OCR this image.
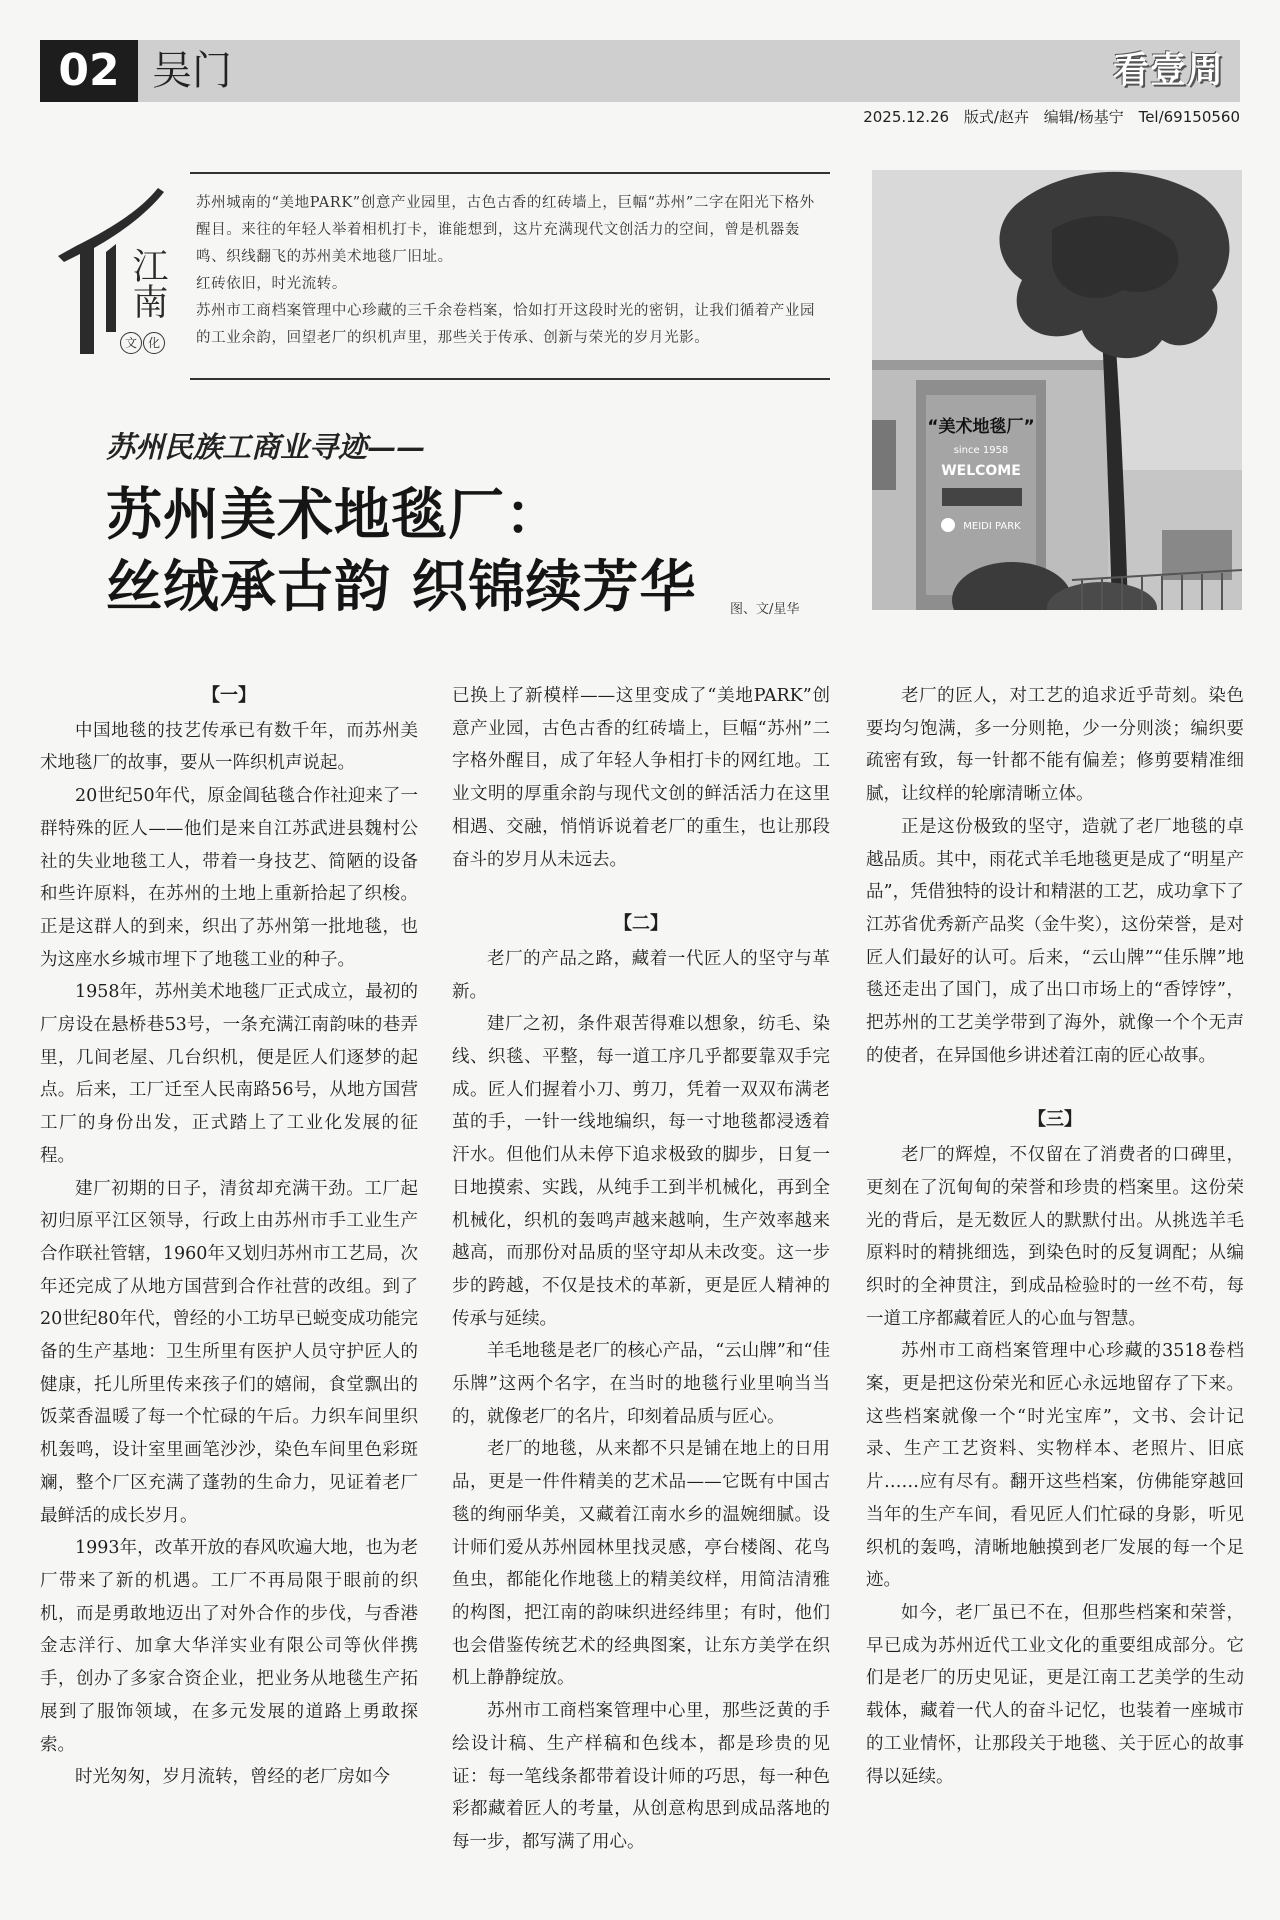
02 吴门	看壹周
2025.12.26 版式/赵卉 编辑/杨基宁 Tel/69150560
江南
文 化

苏州城南的“美地PARK”创意产业园里，古色古香的红砖墙上，巨幅“苏州”二字在阳光下格外醒目。来往的年轻人举着相机打卡，谁能想到，这片充满现代文创活力的空间，曾是机器轰鸣、织线翻飞的苏州美术地毯厂旧址。

红砖依旧，时光流转。

苏州市工商档案管理中心珍藏的三千余卷档案，恰如打开这段时光的密钥，让我们循着产业园的工业余韵，回望老厂的织机声里，那些关于传承、创新与荣光的岁月光影。

苏州民族工商业寻迹——
苏州美术地毯厂：
丝绒承古韵 织锦续芳华	图、文/星华
“美术地毯厂”
since 1958
WELCOME
MEIDI PARK

【一】

中国地毯的技艺传承已有数千年，而苏州美术地毯厂的故事，要从一阵织机声说起。

20世纪50年代，原金阊毡毯合作社迎来了一群特殊的匠人——他们是来自江苏武进县魏村公社的失业地毯工人，带着一身技艺、简陋的设备和些许原料，在苏州的土地上重新拾起了织梭。正是这群人的到来，织出了苏州第一批地毯，也为这座水乡城市埋下了地毯工业的种子。

1958年，苏州美术地毯厂正式成立，最初的厂房设在悬桥巷53号，一条充满江南韵味的巷弄里，几间老屋、几台织机，便是匠人们逐梦的起点。后来，工厂迁至人民南路56号，从地方国营工厂的身份出发，正式踏上了工业化发展的征程。

建厂初期的日子，清贫却充满干劲。工厂起初归原平江区领导，行政上由苏州市手工业生产合作联社管辖，1960年又划归苏州市工艺局，次年还完成了从地方国营到合作社营的改组。到了20世纪80年代，曾经的小工坊早已蜕变成功能完备的生产基地：卫生所里有医护人员守护匠人的健康，托儿所里传来孩子们的嬉闹，食堂飘出的饭菜香温暖了每一个忙碌的午后。力织车间里织机轰鸣，设计室里画笔沙沙，染色车间里色彩斑斓，整个厂区充满了蓬勃的生命力，见证着老厂最鲜活的成长岁月。

1993年，改革开放的春风吹遍大地，也为老厂带来了新的机遇。工厂不再局限于眼前的织机，而是勇敢地迈出了对外合作的步伐，与香港金志洋行、加拿大华洋实业有限公司等伙伴携手，创办了多家合资企业，把业务从地毯生产拓展到了服饰领域，在多元发展的道路上勇敢探索。

时光匆匆，岁月流转，曾经的老厂房如今

已换上了新模样——这里变成了“美地PARK”创意产业园，古色古香的红砖墙上，巨幅“苏州”二字格外醒目，成了年轻人争相打卡的网红地。工业文明的厚重余韵与现代文创的鲜活活力在这里相遇、交融，悄悄诉说着老厂的重生，也让那段奋斗的岁月从未远去。

【二】

老厂的产品之路，藏着一代匠人的坚守与革新。

建厂之初，条件艰苦得难以想象，纺毛、染线、织毯、平整，每一道工序几乎都要靠双手完成。匠人们握着小刀、剪刀，凭着一双双布满老茧的手，一针一线地编织，每一寸地毯都浸透着汗水。但他们从未停下追求极致的脚步，日复一日地摸索、实践，从纯手工到半机械化，再到全机械化，织机的轰鸣声越来越响，生产效率越来越高，而那份对品质的坚守却从未改变。这一步步的跨越，不仅是技术的革新，更是匠人精神的传承与延续。

羊毛地毯是老厂的核心产品，“云山牌”和“佳乐牌”这两个名字，在当时的地毯行业里响当当的，就像老厂的名片，印刻着品质与匠心。

老厂的地毯，从来都不只是铺在地上的日用品，更是一件件精美的艺术品——它既有中国古毯的绚丽华美，又藏着江南水乡的温婉细腻。设计师们爱从苏州园林里找灵感，亭台楼阁、花鸟鱼虫，都能化作地毯上的精美纹样，用简洁清雅的构图，把江南的韵味织进经纬里；有时，他们也会借鉴传统艺术的经典图案，让东方美学在织机上静静绽放。

苏州市工商档案管理中心里，那些泛黄的手绘设计稿、生产样稿和色线本，都是珍贵的见证：每一笔线条都带着设计师的巧思，每一种色彩都藏着匠人的考量，从创意构思到成品落地的每一步，都写满了用心。

老厂的匠人，对工艺的追求近乎苛刻。染色要均匀饱满，多一分则艳，少一分则淡；编织要疏密有致，每一针都不能有偏差；修剪要精准细腻，让纹样的轮廓清晰立体。

正是这份极致的坚守，造就了老厂地毯的卓越品质。其中，雨花式羊毛地毯更是成了“明星产品”，凭借独特的设计和精湛的工艺，成功拿下了江苏省优秀新产品奖（金牛奖），这份荣誉，是对匠人们最好的认可。后来，“云山牌”“佳乐牌”地毯还走出了国门，成了出口市场上的“香饽饽”，把苏州的工艺美学带到了海外，就像一个个无声的使者，在异国他乡讲述着江南的匠心故事。

【三】

老厂的辉煌，不仅留在了消费者的口碑里，更刻在了沉甸甸的荣誉和珍贵的档案里。这份荣光的背后，是无数匠人的默默付出。从挑选羊毛原料时的精挑细选，到染色时的反复调配；从编织时的全神贯注，到成品检验时的一丝不苟，每一道工序都藏着匠人的心血与智慧。

苏州市工商档案管理中心珍藏的3518卷档案，更是把这份荣光和匠心永远地留存了下来。这些档案就像一个“时光宝库”，文书、会计记录、生产工艺资料、实物样本、老照片、旧底片……应有尽有。翻开这些档案，仿佛能穿越回当年的生产车间，看见匠人们忙碌的身影，听见织机的轰鸣，清晰地触摸到老厂发展的每一个足迹。

如今，老厂虽已不在，但那些档案和荣誉，早已成为苏州近代工业文化的重要组成部分。它们是老厂的历史见证，更是江南工艺美学的生动载体，藏着一代人的奋斗记忆，也装着一座城市的工业情怀，让那段关于地毯、关于匠心的故事得以延续。
